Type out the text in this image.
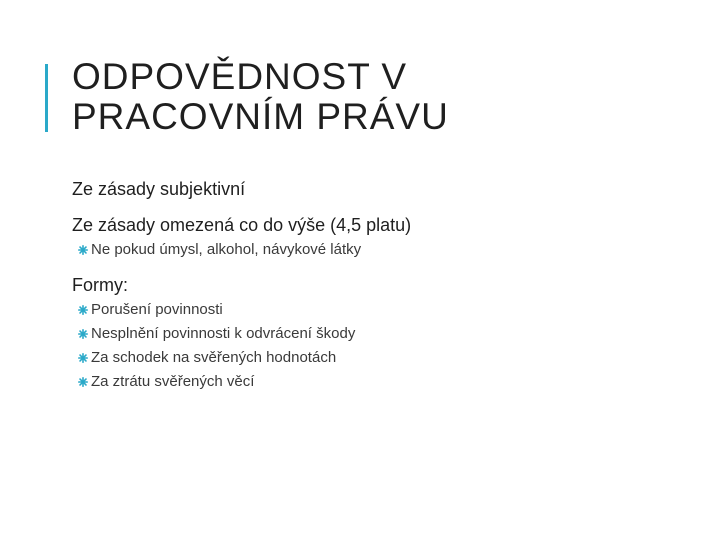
ODPOVĚDNOST V
PRACOVNÍM PRÁVU
Ze zásady subjektivní
Ze zásady omezená co do výše (4,5 platu)
Ne pokud úmysl, alkohol, návykové látky
Formy:
Porušení povinnosti
Nesplnění povinnosti k odvrácení škody
Za schodek na svěřených hodnotách
Za ztrátu svěřených věcí
